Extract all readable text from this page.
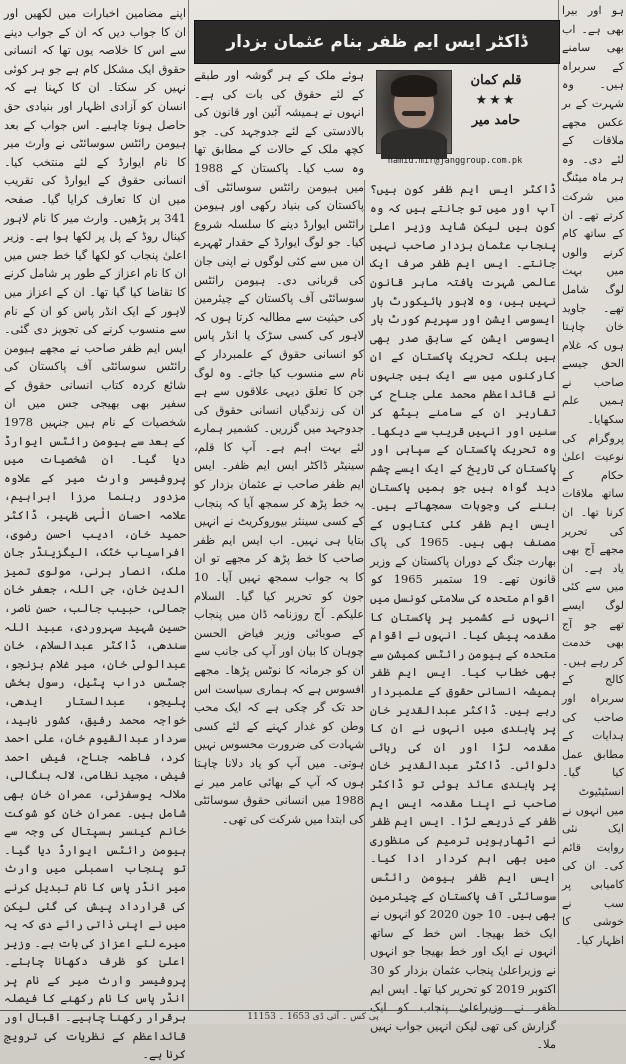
ہو اور بیرا بھی ہے۔ اب بھی سامنے کے سربراہ ہیں۔ وہ شہرت کے بر عکس مجھے ملاقات کے لئے دی۔ وہ ہر ماہ میٹنگ میں شرکت کرتے تھے۔ ان کے ساتھ کام کرنے والوں میں بہت لوگ شامل تھے۔ جاوید خان چاہتا ہوں کہ غلام الحق جیسے صاحب نے ہمیں علم سکھایا۔ پروگرام کی نوعیت اعلیٰ حکام کے ساتھ ملاقات کرنا تھا۔ ان کی تحریر مجھے آج بھی یاد ہے۔ ان میں سے کئی لوگ ایسے تھے جو آج بھی خدمت کر رہے ہیں۔ کالج کے سربراہ اور صاحب کی ہدایات کے مطابق عمل کیا گیا۔ انسٹیٹیوٹ میں انہوں نے ایک نئی روایت قائم کی۔ ان کی کامیابی پر سب نے خوشی کا اظہار کیا۔

ڈاکٹر ایس ایم ظفر بنام عثمان بزدار
قلم کمان
★★★
حامد میر
hamid.mir@janggroup.com.pk

ہوئے ملک کے ہر گوشہ اور طبقے کے لئے حقوق کی بات کی ہے۔ انہوں نے ہمیشہ آئین اور قانون کی بالادستی کے لئے جدوجہد کی۔ جو کچھ ملک کے حالات کے مطابق تھا وہ سب کیا۔ پاکستان کے 1988 میں ہیومن رائٹس سوسائٹی آف پاکستان کی بنیاد رکھی اور ہیومن رائٹس ایوارڈ دینے کا سلسلہ شروع کیا۔ جو لوگ ایوارڈ کے حقدار ٹھہرے ان میں سے کئی لوگوں نے اپنی جان کی قربانی دی۔ ہیومن رائٹس سوسائٹی آف پاکستان کے چیئرمین کی حیثیت سے مطالبہ کرتا ہوں کہ لاہور کی کسی سڑک یا انڈر پاس کو انسانی حقوق کے علمبردار کے نام سے منسوب کیا جائے۔ وہ لوگ جن کا تعلق دیہی علاقوں سے ہے ان کی زندگیاں انسانی حقوق کی جدوجہد میں گزریں۔ کشمیر ہمارے لئے بہت اہم ہے۔ آپ کا قلم، سینیٹر ڈاکٹر ایس ایم ظفر۔ ایس ایم ظفر صاحب نے عثمان بزدار کو یہ خط پڑھ کر سمجھ آیا کہ پنجاب کے کسی سینئر بیوروکریٹ نے انہیں بتایا ہی نہیں۔ اب ایس ایم ظفر صاحب کا خط پڑھ کر مجھے تو ان کا یہ جواب سمجھ نہیں آیا۔ 10 جون کو تحریر کیا گیا۔ السلام علیکم۔ آج روزنامہ ڈان میں پنجاب کے صوبائی وزیر فیاض الحسن چوہان کا بیان اور آپ کی جانب سے ان کو جرمانہ کا نوٹس پڑھا۔ مجھے افسوس ہے کہ ہماری سیاست اس حد تک گر چکی ہے کہ ایک محب وطن کو غدار کہنے کے لئے کسی شہادت کی ضرورت محسوس نہیں ہوتی۔ میں آپ کو یاد دلانا چاہتا ہوں کہ آپ کے بھائی عامر میر نے 1988 میں انسانی حقوق سوسائٹی کی ابتدا میں شرکت کی تھی۔

ڈاکٹر ایس ایم ظفر کون ہیں؟ آپ اور میں تو جانتے ہیں کہ وہ کون ہیں لیکن شاید وزیر اعلیٰ پنجاب عثمان بزدار صاحب نہیں جانتے۔ ایس ایم ظفر صرف ایک عالمی شہرت یافتہ ماہر قانون نہیں ہیں، وہ لاہور ہائیکورٹ بار ایسوسی ایشن اور سپریم کورٹ بار ایسوسی ایشن کے سابق صدر بھی ہیں بلکہ تحریک پاکستان کے ان کارکنوں میں سے ایک ہیں جنہوں نے قائداعظم محمد علی جناح کی تقاریر ان کے سامنے بیٹھ کر سنیں اور انہیں قریب سے دیکھا۔ وہ تحریک پاکستان کے سپاہی اور پاکستان کی تاریخ کے ایک ایسے چشم دید گواہ ہیں جو ہمیں پاکستان بننے کی وجوہات سمجھاتے ہیں۔ ایس ایم ظفر کئی کتابوں کے مصنف بھی ہیں۔ 1965 کی پاک بھارت جنگ کے دوران پاکستان کے وزیر قانون تھے۔ 19 ستمبر 1965 کو اقوام متحدہ کی سلامتی کونسل میں انہوں نے کشمیر پر پاکستان کا مقدمہ پیش کیا۔ انہوں نے اقوام متحدہ کے ہیومن رائٹس کمیشن سے بھی خطاب کیا۔ ایس ایم ظفر ہمیشہ انسانی حقوق کے علمبردار رہے ہیں۔ ڈاکٹر عبدالقدیر خان پر پابندی میں انہوں نے ان کا مقدمہ لڑا اور ان کی رہائی دلوائی۔ ڈاکٹر عبدالقدیر خان پر پابندی عائد ہوئی تو ڈاکٹر صاحب نے اپنا مقدمہ ایس ایم ظفر کے ذریعے لڑا۔ ایس ایم ظفر نے اٹھارہویں ترمیم کی منظوری میں بھی اہم کردار ادا کیا۔ ایس ایم ظفر ہیومن رائٹس سوسائٹی آف پاکستان کے چیئرمین بھی ہیں۔ 10 جون 2020 کو انہوں نے ایک خط بھیجا۔ اس خط کے ساتھ انہوں نے ایک اور خط بھیجا جو انہوں نے وزیراعلیٰ پنجاب عثمان بزدار کو 30 اکتوبر 2019 کو تحریر کیا تھا۔ ایس ایم ظفر نے وزیراعلیٰ پنجاب کو ایک گزارش کی تھی لیکن انہیں جواب نہیں ملا۔

اپنے مضامین اخبارات میں لکھیں اور ان کا جواب دیں کہ ان کے جواب دینے سے اس کا خلاصہ یوں تھا کہ انسانی حقوق ایک مشکل کام ہے جو ہر کوئی نہیں کر سکتا۔ ان کا کہنا ہے کہ انسان کو آزادی اظہار اور بنیادی حق حاصل ہونا چاہیے۔ اس جواب کے بعد ہیومن رائٹس سوسائٹی نے وارث میر کا نام ایوارڈ کے لئے منتخب کیا۔ انسانی حقوق کے ایوارڈ کی تقریب میں ان کا تعارف کرایا گیا۔ صفحہ 341 پر پڑھیں۔ وارث میر کا نام لاہور کینال روڈ کے پل پر لکھا ہوا ہے۔ وزیر اعلیٰ پنجاب کو لکھا گیا خط جس میں ان کا نام اعزاز کے طور پر شامل کرنے کا تقاضا کیا گیا تھا۔ ان کے اعزاز میں لاہور کے ایک انڈر پاس کو ان کے نام سے منسوب کرنے کی تجویز دی گئی۔ ایس ایم ظفر صاحب نے مجھے ہیومن رائٹس سوسائٹی آف پاکستان کی شائع کردہ کتاب انسانی حقوق کے سفیر بھی بھیجی جس میں ان شخصیات کے نام ہیں جنہیں 1978 کے بعد سے ہیومن رائٹس ایوارڈ دیا گیا۔ ان شخصیات میں پروفیسر وارث میر کے علاوہ مزدور رہنما مرزا ابراہیم، علامہ احسان الٰہی ظہیر، ڈاکٹر حمید خان، ادیب احسن رضوی، افراسیاب خٹک، الیگزینڈر جان ملک، انصار برنی، مولوی تمیز الدین خان، جی اللہ، جعفر خان جمالی، حبیب جالب، حسن ناصر، حسین شہید سہروردی، عبید اللہ سندھی، ڈاکٹر عبدالسلام، خان عبدالولی خان، میر غلام بزنجو، جسٹس دراب پٹیل، رسول بخش پلیجو، عبدالستار ایدھی، خواجہ محمد رفیق، کشور ناہید، سردار عبدالقیوم خان، علی احمد کرد، فاطمہ جناح، فیض احمد فیض، مجید نظامی، لالہ بنگالی، ملالہ یوسفزئی، عمران خان بھی شامل ہیں۔ عمران خان کو شوکت خانم کینسر ہسپتال کی وجہ سے ہیومن رائٹس ایوارڈ دیا گیا۔ تو پنجاب اسمبلی میں وارث میر انڈر پاس کا نام تبدیل کرنے کی قرارداد پیش کی گئی لیکن میں نے اپنی ذاتی رائے دی کہ یہ میرے لئے اعزاز کی بات ہے۔ وزیر اعلیٰ کو ظرف دکھانا چاہئے۔ پروفیسر وارث میر کے نام پر انڈر پاس کا نام رکھنے کا فیصلہ برقرار رکھنا چاہیے۔ اقبال اور قائداعظم کے نظریات کی ترویج کرنا ہے۔

پی کس ۔ آئی ڈی 1653 ۔ 11153
